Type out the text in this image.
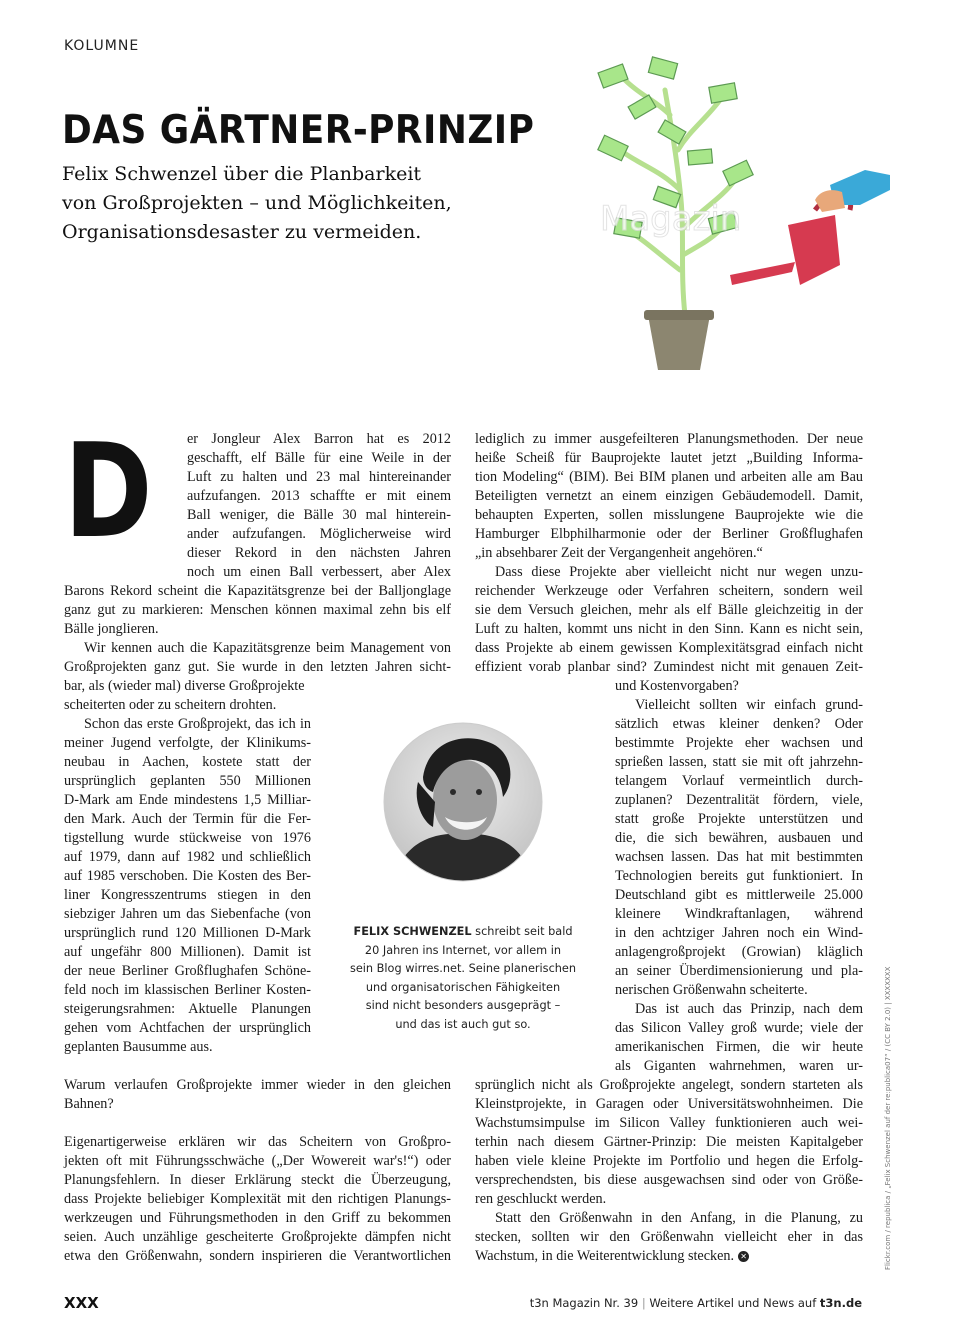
KOLUMNE
DAS GÄRTNER-PRINZIP
Felix Schwenzel über die Planbarkeit
von Großprojekten – und Möglichkeiten,
Organisationsdesaster zu vermeiden.	Magazin
D er Jongleur Alex Barron hat es 2012
geschafft, elf Bälle für eine Weile in der
Luft zu halten und 23 mal hintereinander
aufzufangen. 2013 schaffte er mit einem
Ball weniger, die Bälle 30 mal hinterein-
ander aufzufangen. Möglicherweise wird
dieser Rekord in den nächsten Jahren
noch um einen Ball verbessert, aber Alex
Barons Rekord scheint die Kapazitätsgrenze bei der Balljonglage
ganz gut zu markieren: Menschen können maximal zehn bis elf
Bälle jonglieren.
Wir kennen auch die Kapazitätsgrenze beim Management von
Großprojekten ganz gut. Sie wurde in den letzten Jahren sicht-
bar, als (wieder mal) diverse Großprojekte
scheiterten oder zu scheitern drohten.
Schon das erste Großprojekt, das ich in
meiner Jugend verfolgte, der Klinikums-
neubau in Aachen, kostete statt der
ursprünglich geplanten 550 Millionen
D-Mark am Ende mindestens 1,5 Milliar-
den Mark. Auch der Termin für die Fer-
tigstellung wurde stückweise von 1976
auf 1979, dann auf 1982 und schließlich
auf 1985 verschoben. Die Kosten des Ber-
liner Kongresszentrums stiegen in den
siebziger Jahren um das Siebenfache (von
ursprünglich rund 120 Millionen D-Mark
auf ungefähr 800 Millionen). Damit ist
der neue Berliner Großflughafen Schöne-
feld noch im klassischen Berliner Kosten-
steigerungsrahmen: Aktuelle Planungen
gehen vom Achtfachen der ursprünglich
geplanten Bausumme aus.
lediglich zu immer ausgefeilteren Planungsmethoden. Der neue
heiße Scheiß für Bauprojekte lautet jetzt „Building Informa-
tion Modeling“ (BIM). Bei BIM planen und arbeiten alle am Bau
Beteiligten vernetzt an einem einzigen Gebäudemodell. Damit,
behaupten Experten, sollen misslungene Bauprojekte wie die
Hamburger Elbphilharmonie oder der Berliner Großflughafen
„in absehbarer Zeit der Vergangenheit angehören.“
Dass diese Projekte aber vielleicht nicht nur wegen unzu-
reichender Werkzeuge oder Verfahren scheitern, sondern weil
sie dem Versuch gleichen, mehr als elf Bälle gleichzeitig in der
Luft zu halten, kommt uns nicht in den Sinn. Kann es nicht sein,
dass Projekte ab einem gewissen Komplexitätsgrad einfach nicht
effizient vorab planbar sind? Zumindest nicht mit genauen Zeit-
und Kostenvorgaben?
Vielleicht sollten wir einfach grund-
sätzlich etwas kleiner denken? Oder
bestimmte Projekte eher wachsen und
sprießen lassen, statt sie mit oft jahrzehn-
telangem Vorlauf vermeintlich durch-
zuplanen? Dezentralität fördern, viele,
statt große Projekte unterstützen und
die, die sich bewähren, ausbauen und
wachsen lassen. Das hat mit bestimmten
Technologien bereits gut funktioniert. In
Deutschland gibt es mittlerweile 25.000
kleinere Windkraftanlagen, während
in den achtziger Jahren noch ein Wind-
anlagengroßprojekt (Growian) kläglich
an seiner Überdimensionierung und pla-
nerischen Größenwahn scheiterte.
Das ist auch das Prinzip, nach dem
das Silicon Valley groß wurde; viele der
amerikanischen Firmen, die wir heute
als Giganten wahrnehmen, waren ur-
FELIX SCHWENZEL schreibt seit bald
20 Jahren ins Internet, vor allem in
sein Blog wirres.net. Seine planerischen
und organisatorischen Fähigkeiten
sind nicht besonders ausgeprägt –
und das ist auch gut so.
Warum verlaufen Großprojekte immer wieder in den gleichen
Bahnen?
Eigenartigerweise erklären wir das Scheitern von Großpro-
jekten oft mit Führungsschwäche („Der Wowereit war's!“) oder
Planungsfehlern. In dieser Erklärung steckt die Überzeugung,
dass Projekte beliebiger Komplexität mit den richtigen Planungs-
werkzeugen und Führungsmethoden in den Griff zu bekommen
seien. Auch unzählige gescheiterte Großprojekte dämpfen nicht
etwa den Größenwahn, sondern inspirieren die Verantwortlichen
sprünglich nicht als Großprojekte angelegt, sondern starteten als
Kleinstprojekte, in Garagen oder Universitätswohnheimen. Die
Wachstumsimpulse im Silicon Valley funktionieren auch wei-
terhin nach diesem Gärtner-Prinzip: Die meisten Kapitalgeber
haben viele kleine Projekte im Portfolio und hegen die Erfolg-
versprechendsten, bis diese ausgewachsen sind oder von Größe-
ren geschluckt werden.
Statt den Größenwahn in den Anfang, in die Planung, zu
stecken, sollten wir den Größenwahn vielleicht eher in das
Wachstum, in die Weiterentwicklung stecken. ✕	Flickr.com / republica / „Felix Schwenzel auf der re:publica07“ / (CC BY 2.0) | XXXXXXX
XXX	t3n Magazin Nr. 39 | Weitere Artikel und News auf t3n.de
